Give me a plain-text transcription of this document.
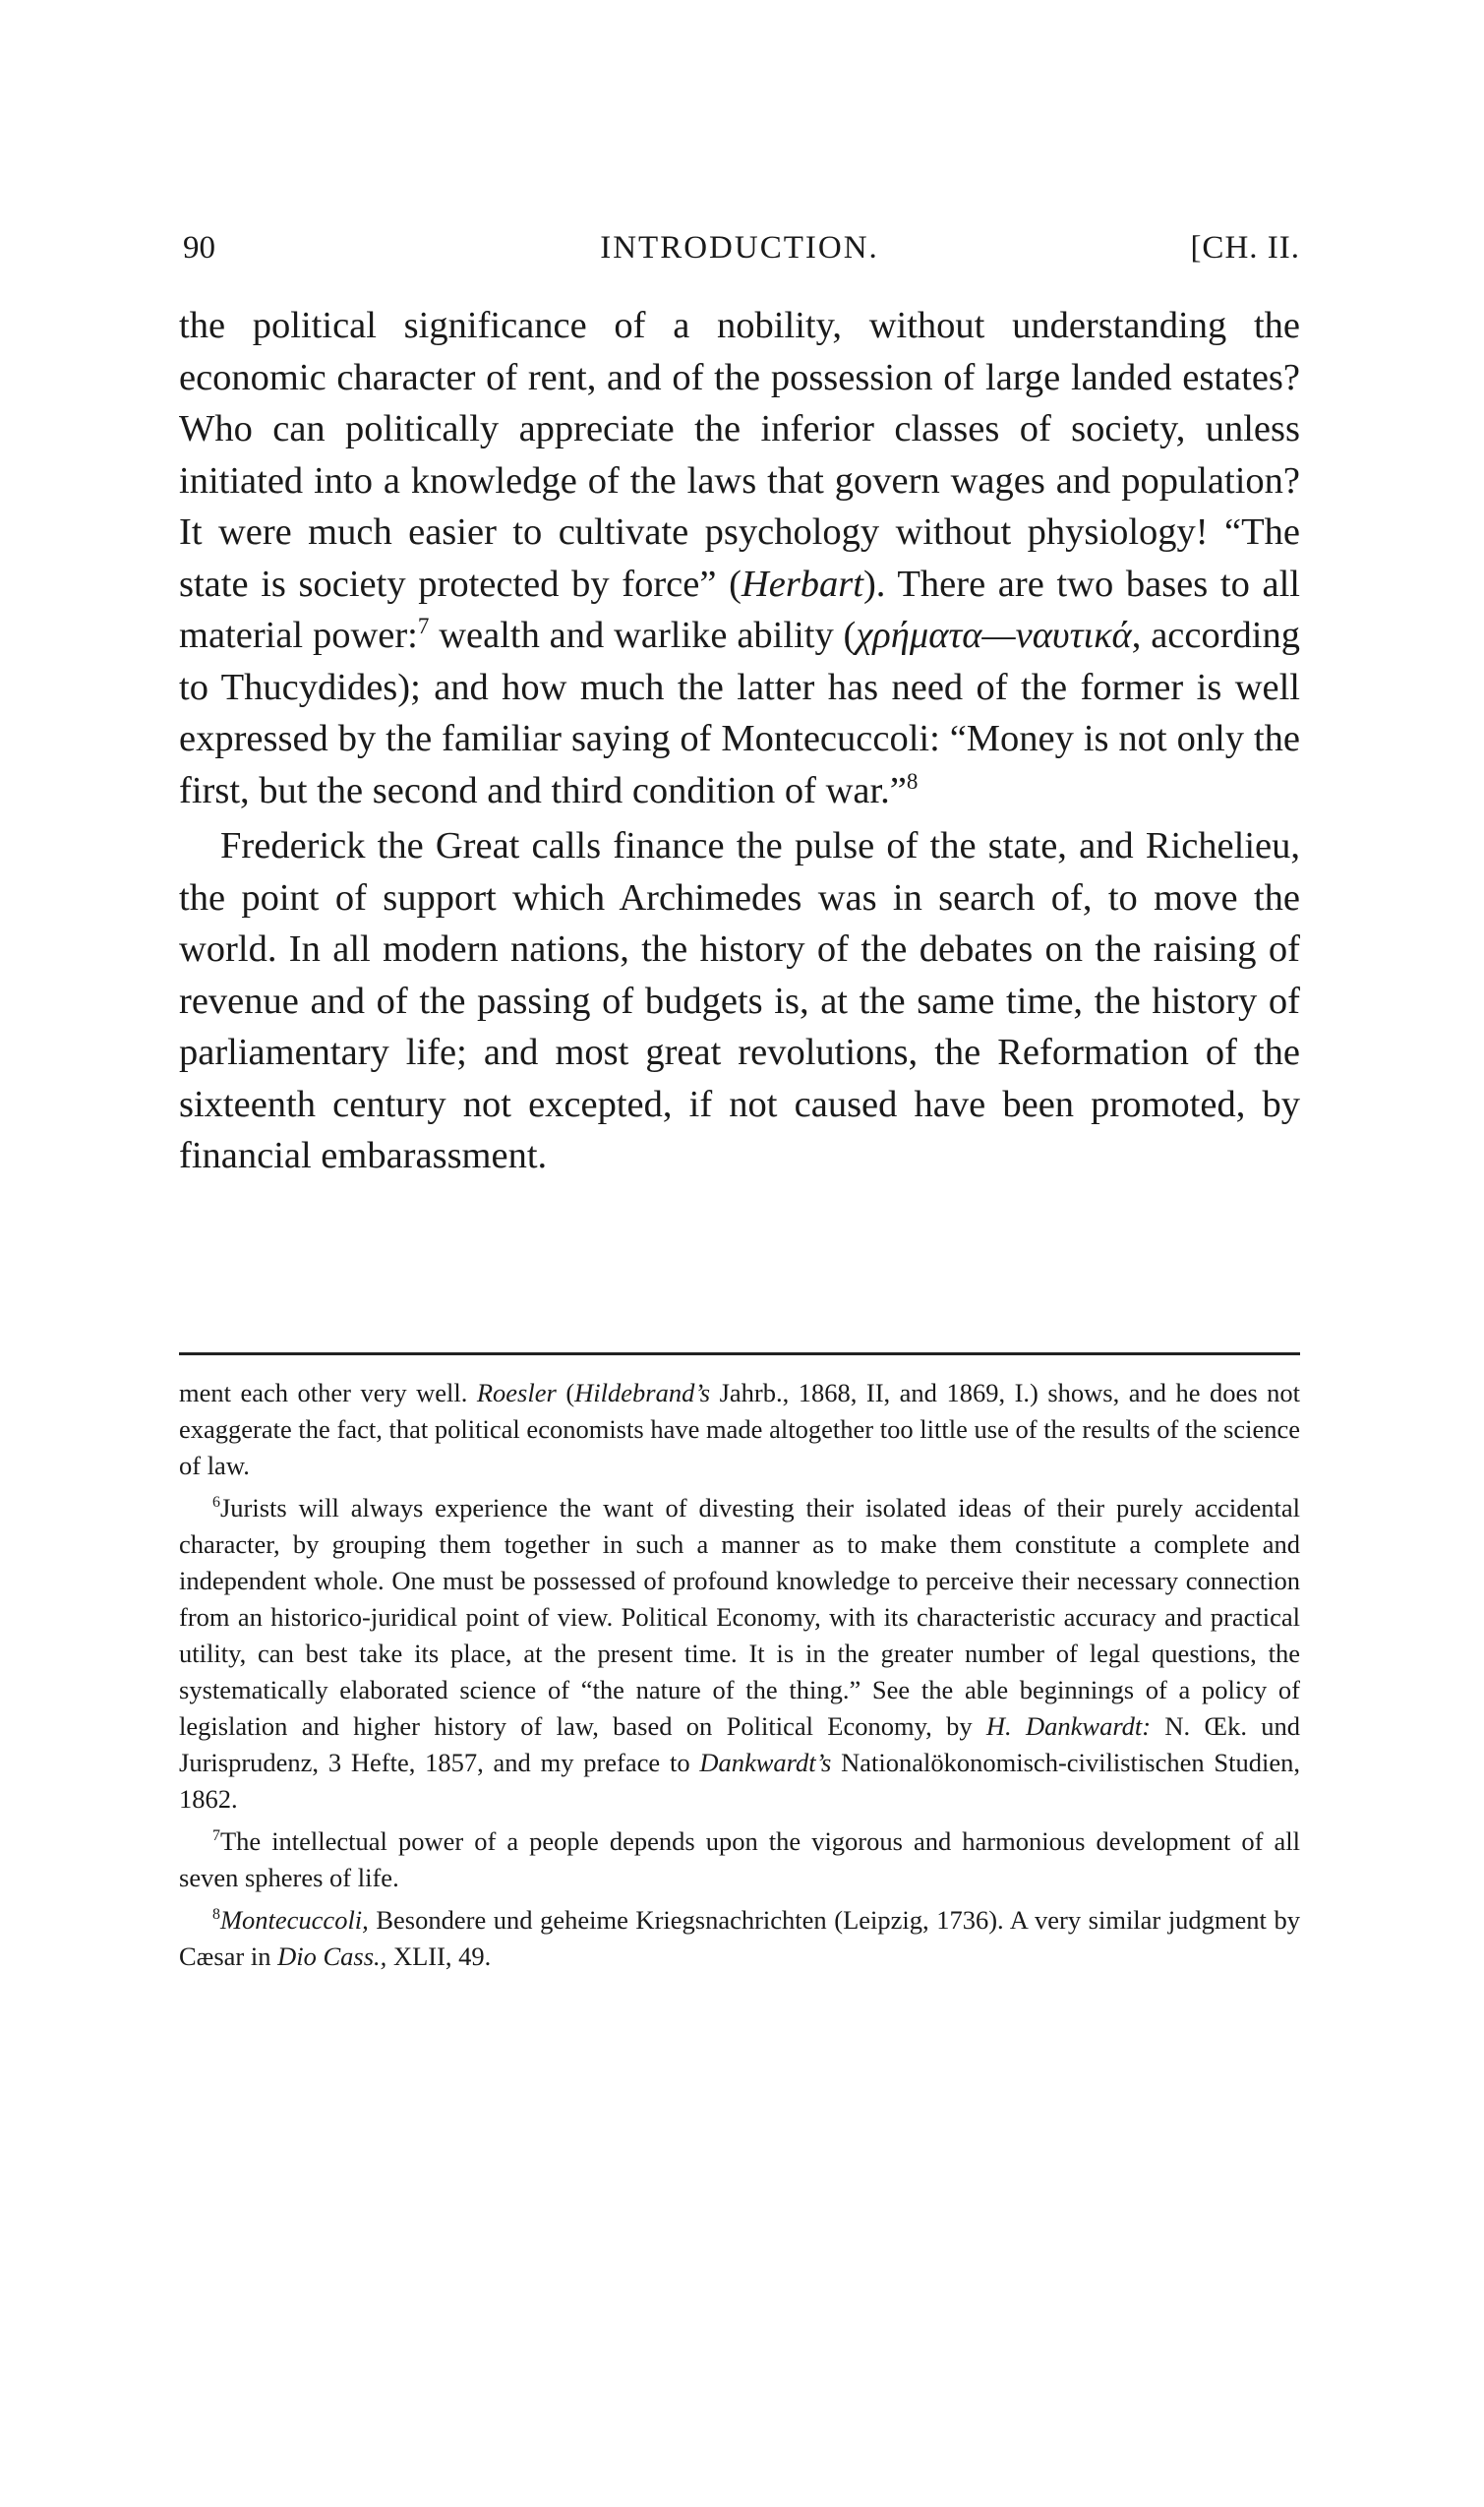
90	INTRODUCTION.	[CH. II.

the political significance of a nobility, without understanding the economic character of rent, and of the possession of large landed estates? Who can politically appreciate the inferior classes of society, unless initiated into a knowledge of the laws that govern wages and population? It were much easier to cultivate psychology without physiology! “The state is society protected by force” (Herbart). There are two bases to all material power:$^7$ wealth and warlike ability (χρήματα—ναυτικά, according to Thucydides); and how much the latter has need of the former is well expressed by the familiar saying of Montecuccoli: “Money is not only the first, but the second and third condition of war.”$^8$

Frederick the Great calls finance the pulse of the state, and Richelieu, the point of support which Archimedes was in search of, to move the world. In all modern nations, the history of the debates on the raising of revenue and of the passing of budgets is, at the same time, the history of parliamentary life; and most great revolutions, the Reformation of the sixteenth century not excepted, if not caused have been promoted, by financial embarassment.

ment each other very well. Roesler (Hildebrand’s Jahrb., 1868, II, and 1869, I.) shows, and he does not exaggerate the fact, that political economists have made altogether too little use of the results of the science of law.

$^6$Jurists will always experience the want of divesting their isolated ideas of their purely accidental character, by grouping them together in such a manner as to make them constitute a complete and independent whole. One must be possessed of profound knowledge to perceive their necessary connection from an historico-juridical point of view. Political Economy, with its characteristic accuracy and practical utility, can best take its place, at the present time. It is in the greater number of legal questions, the systematically elaborated science of “the nature of the thing.” See the able beginnings of a policy of legislation and higher history of law, based on Political Economy, by H. Dankwardt: N. Œk. und Jurisprudenz, 3 Hefte, 1857, and my preface to Dankwardt’s Nationalökonomisch-civilistischen Studien, 1862.

$^7$The intellectual power of a people depends upon the vigorous and harmonious development of all seven spheres of life.

$^8$Montecuccoli, Besondere und geheime Kriegsnachrichten (Leipzig, 1736). A very similar judgment by Cæsar in Dio Cass., XLII, 49.
